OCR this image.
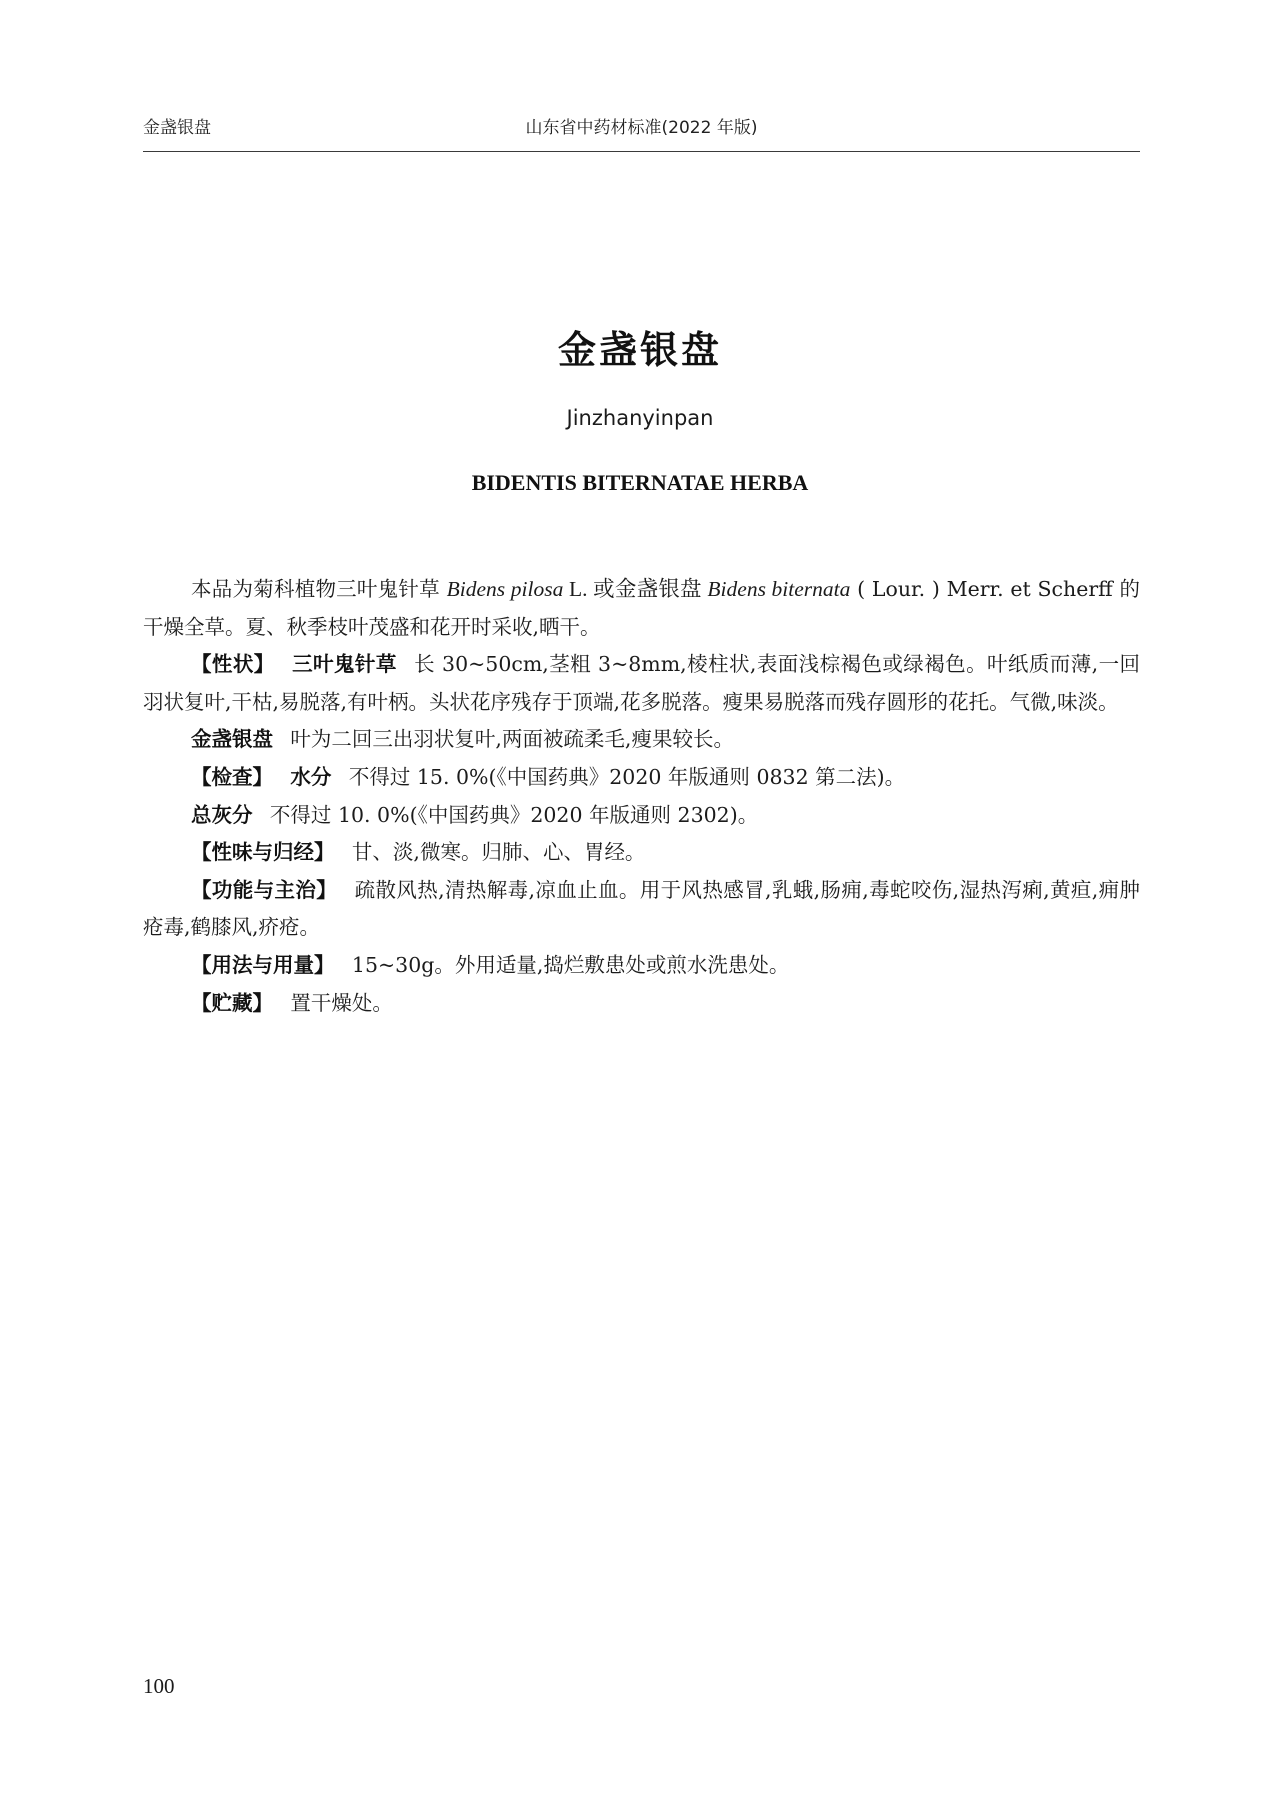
金盏银盘	山东省中药材标准(2022 年版)
金盏银盘
Jinzhanyinpan
BIDENTIS BITERNATAE HERBA

本品为菊科植物三叶鬼针草 Bidens pilosa L. 或金盏银盘 Bidens biternata ( Lour. ) Merr. et Scherff 的干燥全草。夏、秋季枝叶茂盛和花开时采收,晒干。

【性状】 三叶鬼针草 长 30~50cm,茎粗 3~8mm,棱柱状,表面浅棕褐色或绿褐色。叶纸质而薄,一回羽状复叶,干枯,易脱落,有叶柄。头状花序残存于顶端,花多脱落。瘦果易脱落而残存圆形的花托。气微,味淡。

金盏银盘 叶为二回三出羽状复叶,两面被疏柔毛,瘦果较长。

【检查】 水分 不得过 15. 0%(《中国药典》2020 年版通则 0832 第二法)。

总灰分 不得过 10. 0%(《中国药典》2020 年版通则 2302)。

【性味与归经】 甘、淡,微寒。归肺、心、胃经。

【功能与主治】 疏散风热,清热解毒,凉血止血。用于风热感冒,乳蛾,肠痈,毒蛇咬伤,湿热泻痢,黄疸,痈肿疮毒,鹤膝风,疥疮。

【用法与用量】 15~30g。外用适量,捣烂敷患处或煎水洗患处。

【贮藏】 置干燥处。

100
